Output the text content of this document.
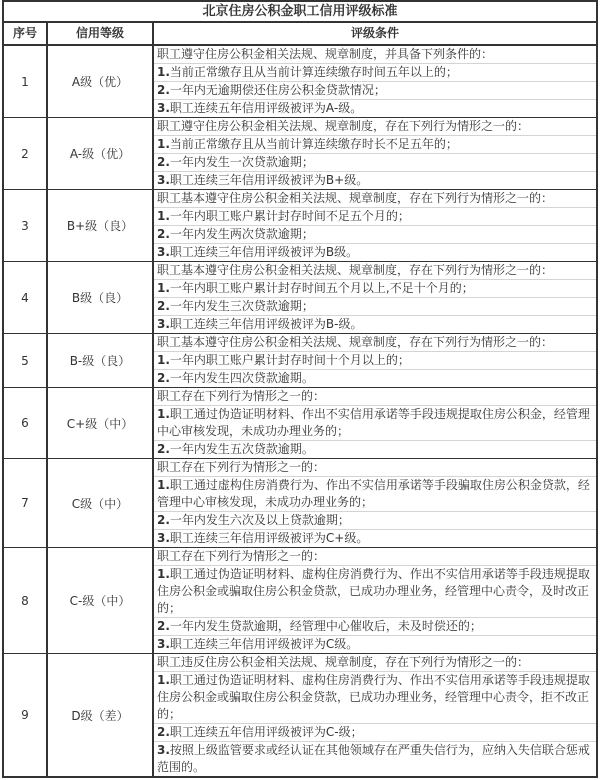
北京住房公积金职工信用评级标准
序号	信用等级	评级条件
1	A级（优）
职工遵守住房公积金相关法规、规章制度，并具备下列条件的：
1.当前正常缴存且从当前计算连续缴存时间五年以上的；
2.一年内无逾期偿还住房公积金贷款情况；
3.职工连续五年信用评级被评为A-级。
2	A-级（优）
职工遵守住房公积金相关法规、规章制度，存在下列行为情形之一的：
1.当前正常缴存且从当前计算连续缴存时长不足五年的；
2.一年内发生一次贷款逾期；
3.职工连续三年信用评级被评为B+级。
3	B+级（良）
职工基本遵守住房公积金相关法规、规章制度，存在下列行为情形之一的：
1.一年内职工账户累计封存时间不足五个月的；
2.一年内发生两次贷款逾期；
3.职工连续三年信用评级被评为B级。
4	B级（良）
职工基本遵守住房公积金相关法规、规章制度，存在下列行为情形之一的：
1.一年内职工账户累计封存时间五个月以上,不足十个月的；
2.一年内发生三次贷款逾期；
3.职工连续三年信用评级被评为B-级。
5	B-级（良）
职工基本遵守住房公积金相关法规、规章制度，存在下列行为情形之一的：
1.一年内职工账户累计封存时间十个月以上的；
2.一年内发生四次贷款逾期。
6	C+级（中）
职工存在下列行为情形之一的：
1.职工通过伪造证明材料、作出不实信用承诺等手段违规提取住房公积金，经管理中心审核发现，未成功办理业务的；
2.一年内发生五次贷款逾期。
7	C级（中）
职工存在下列行为情形之一的：
1.职工通过虚构住房消费行为、作出不实信用承诺等手段骗取住房公积金贷款，经管理中心审核发现，未成功办理业务的；
2.一年内发生六次及以上贷款逾期；
3.职工连续三年信用评级被评为C+级。
8	C-级（中）
职工存在下列行为情形之一的：
1.职工通过伪造证明材料、虚构住房消费行为、作出不实信用承诺等手段违规提取住房公积金或骗取住房公积金贷款，已成功办理业务，经管理中心责令，及时改正的；
2.一年内发生贷款逾期，经管理中心催收后，未及时偿还的；
3.职工连续三年信用评级被评为C级。
9	D级（差）
职工违反住房公积金相关法规、规章制度，存在下列行为情形之一的：
1.职工通过伪造证明材料、虚构住房消费行为、作出不实信用承诺等手段违规提取住房公积金或骗取住房公积金贷款，已成功办理业务，经管理中心责令，拒不改正的；
2.职工连续五年信用评级被评为C-级；
3.按照上级监管要求或经认证在其他领域存在严重失信行为，应纳入失信联合惩戒范围的。
